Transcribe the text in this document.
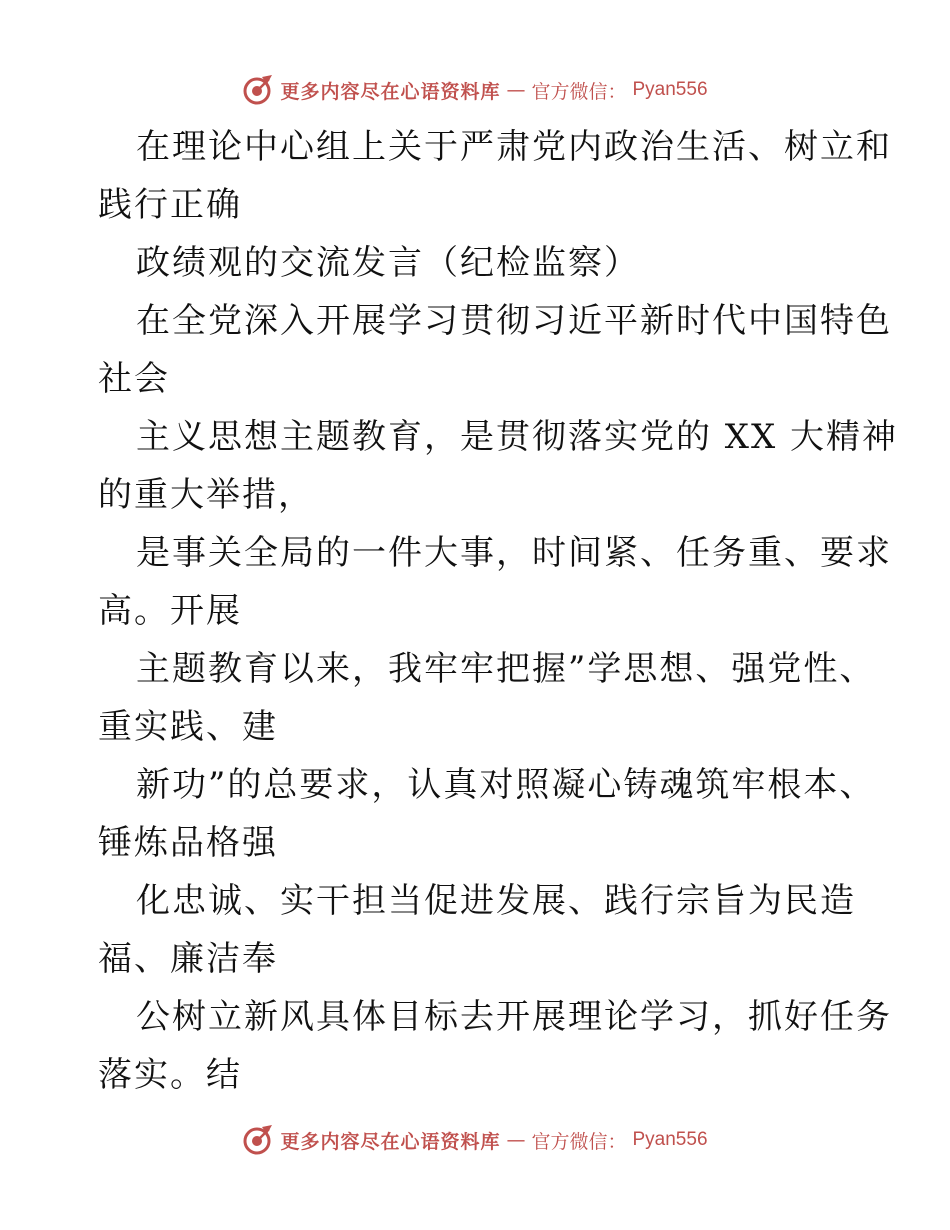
更多内容尽在心语资料库 — 官方微信： Pyan556

在理论中心组上关于严肃党内政治生活、树立和

践行正确

政绩观的交流发言（纪检监察）

在全党深入开展学习贯彻习近平新时代中国特色

社会

主义思想主题教育，是贯彻落实党的 XX 大精神

的重大举措，

是事关全局的一件大事，时间紧、任务重、要求

高。开展

主题教育以来，我牢牢把握”学思想、强党性、

重实践、建

新功”的总要求，认真对照凝心铸魂筑牢根本、

锤炼品格强

化忠诚、实干担当促进发展、践行宗旨为民造

福、廉洁奉

公树立新风具体目标去开展理论学习，抓好任务

落实。结

更多内容尽在心语资料库 — 官方微信： Pyan556
